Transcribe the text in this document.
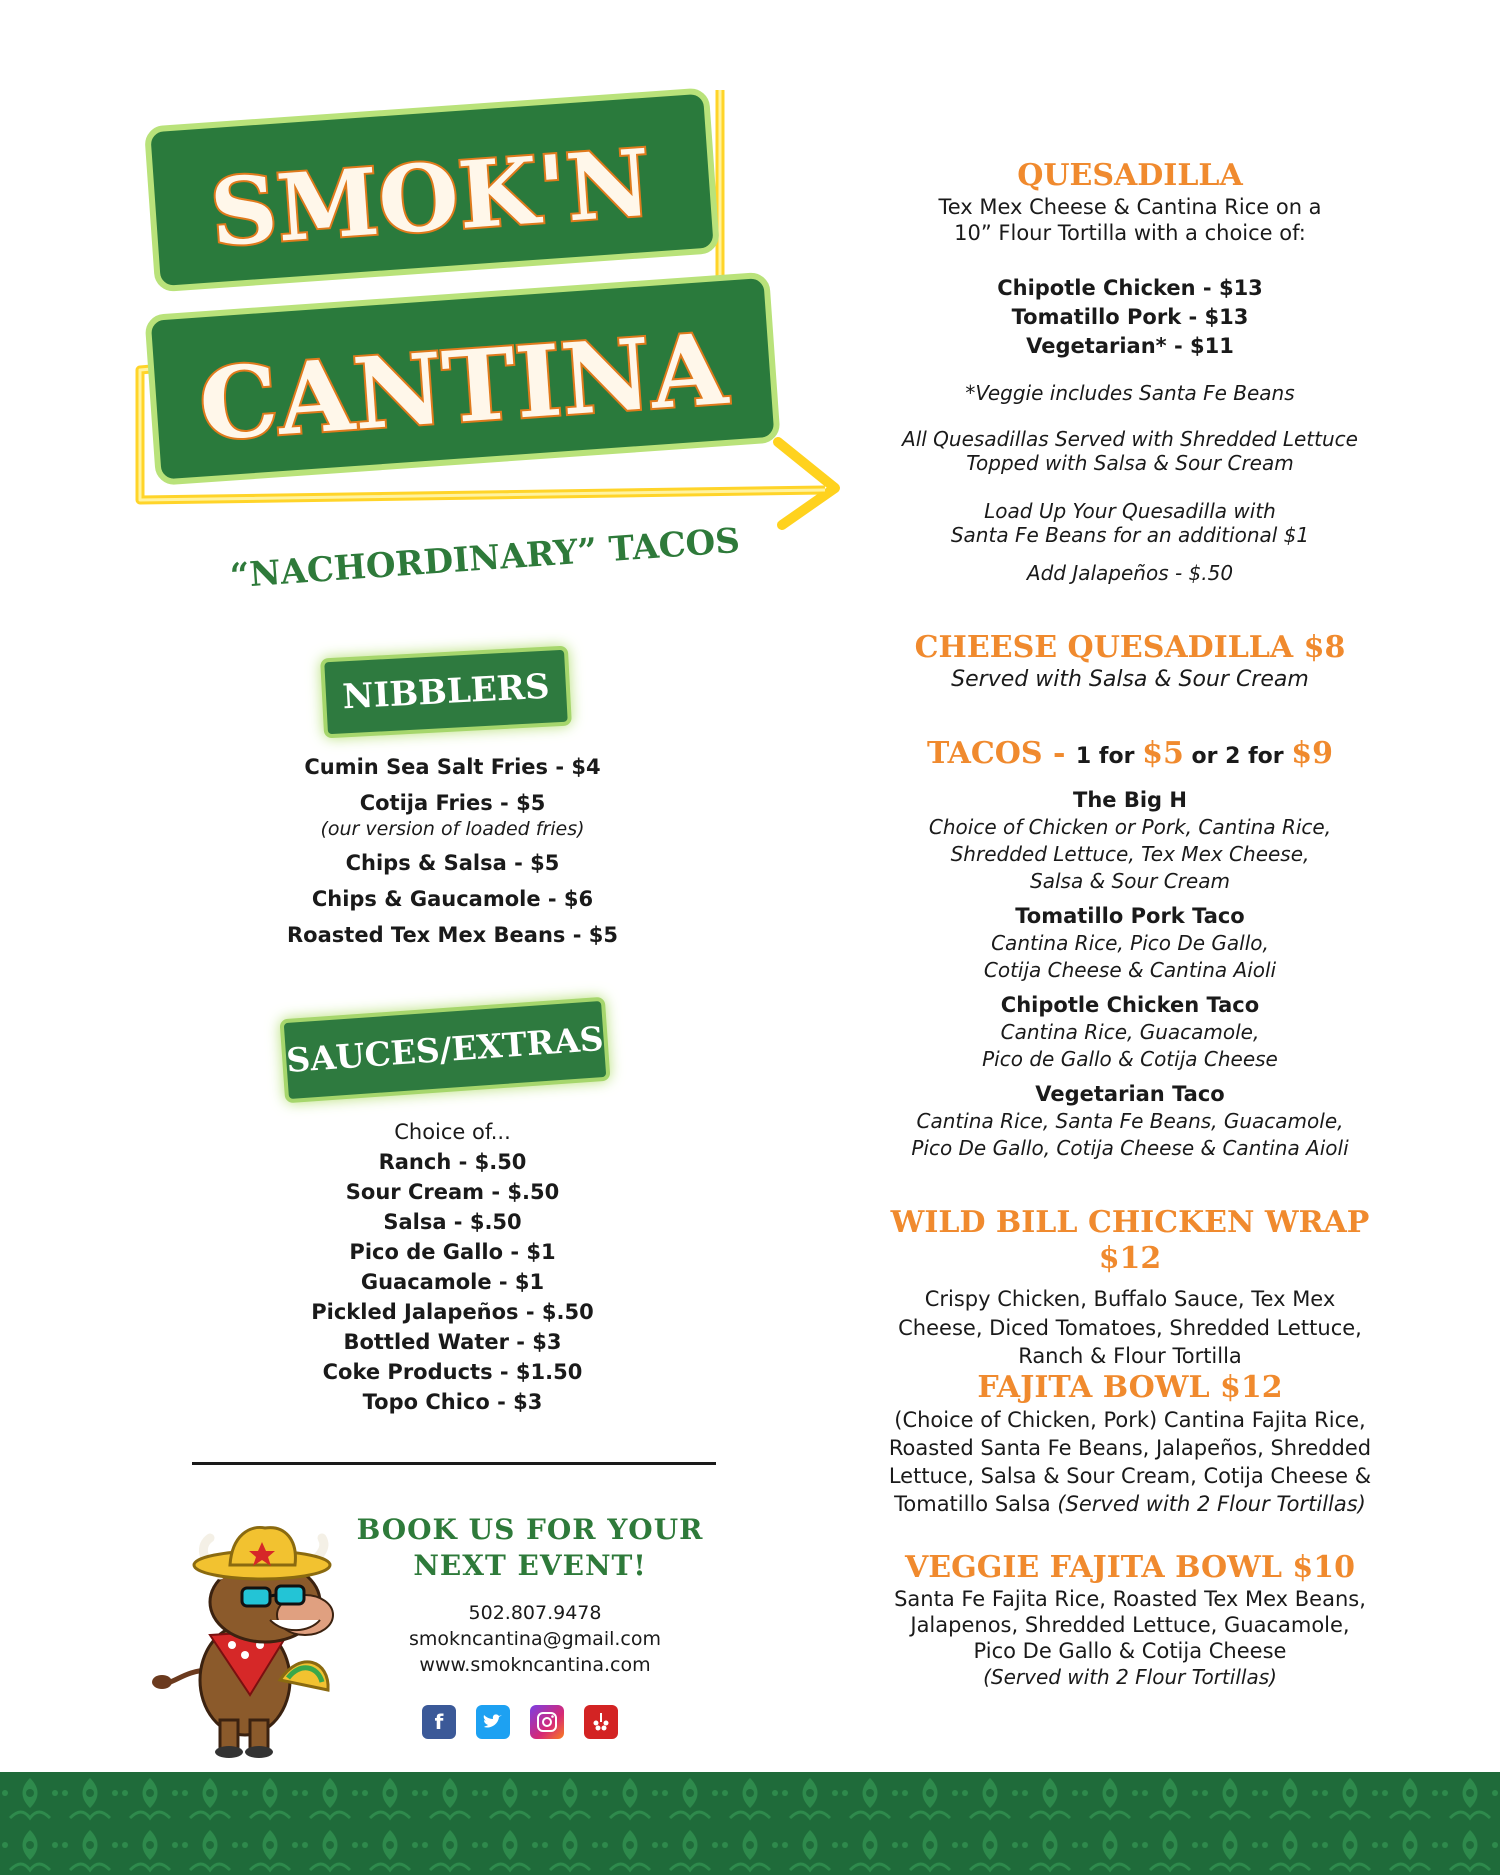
SMOK'N
CANTINA
“NACHORDINARY” TACOS
NIBBLERS
Cumin Sea Salt Fries - $4
Cotija Fries - $5
(our version of loaded fries)
Chips & Salsa - $5
Chips & Gaucamole - $6
Roasted Tex Mex Beans - $5
SAUCES/EXTRAS
Choice of...
Ranch - $.50
Sour Cream - $.50
Salsa - $.50
Pico de Gallo - $1
Guacamole - $1
Pickled Jalapeños - $.50
Bottled Water - $3
Coke Products - $1.50
Topo Chico - $3
BOOK US FOR YOUR
NEXT EVENT!
502.807.9478
smokncantina@gmail.com
www.smokncantina.com
f
QUESADILLA
Tex Mex Cheese & Cantina Rice on a
10” Flour Tortilla with a choice of:
Chipotle Chicken - $13
Tomatillo Pork - $13
Vegetarian* - $11
*Veggie includes Santa Fe Beans
All Quesadillas Served with Shredded Lettuce
Topped with Salsa & Sour Cream
Load Up Your Quesadilla with
Santa Fe Beans for an additional $1
Add Jalapeños - $.50
CHEESE QUESADILLA $8
Served with Salsa & Sour Cream
TACOS - 1 for $5 or 2 for $9
The Big H
Choice of Chicken or Pork, Cantina Rice,
Shredded Lettuce, Tex Mex Cheese,
Salsa & Sour Cream
Tomatillo Pork Taco
Cantina Rice, Pico De Gallo,
Cotija Cheese & Cantina Aioli
Chipotle Chicken Taco
Cantina Rice, Guacamole,
Pico de Gallo & Cotija Cheese
Vegetarian Taco
Cantina Rice, Santa Fe Beans, Guacamole,
Pico De Gallo, Cotija Cheese & Cantina Aioli
WILD BILL CHICKEN WRAP $12
Crispy Chicken, Buffalo Sauce, Tex Mex
Cheese, Diced Tomatoes, Shredded Lettuce,
Ranch & Flour Tortilla
FAJITA BOWL $12
(Choice of Chicken, Pork) Cantina Fajita Rice,
Roasted Santa Fe Beans, Jalapeños, Shredded
Lettuce, Salsa & Sour Cream, Cotija Cheese &
Tomatillo Salsa (Served with 2 Flour Tortillas)
VEGGIE FAJITA BOWL $10
Santa Fe Fajita Rice, Roasted Tex Mex Beans,
Jalapenos, Shredded Lettuce, Guacamole,
Pico De Gallo & Cotija Cheese
(Served with 2 Flour Tortillas)
